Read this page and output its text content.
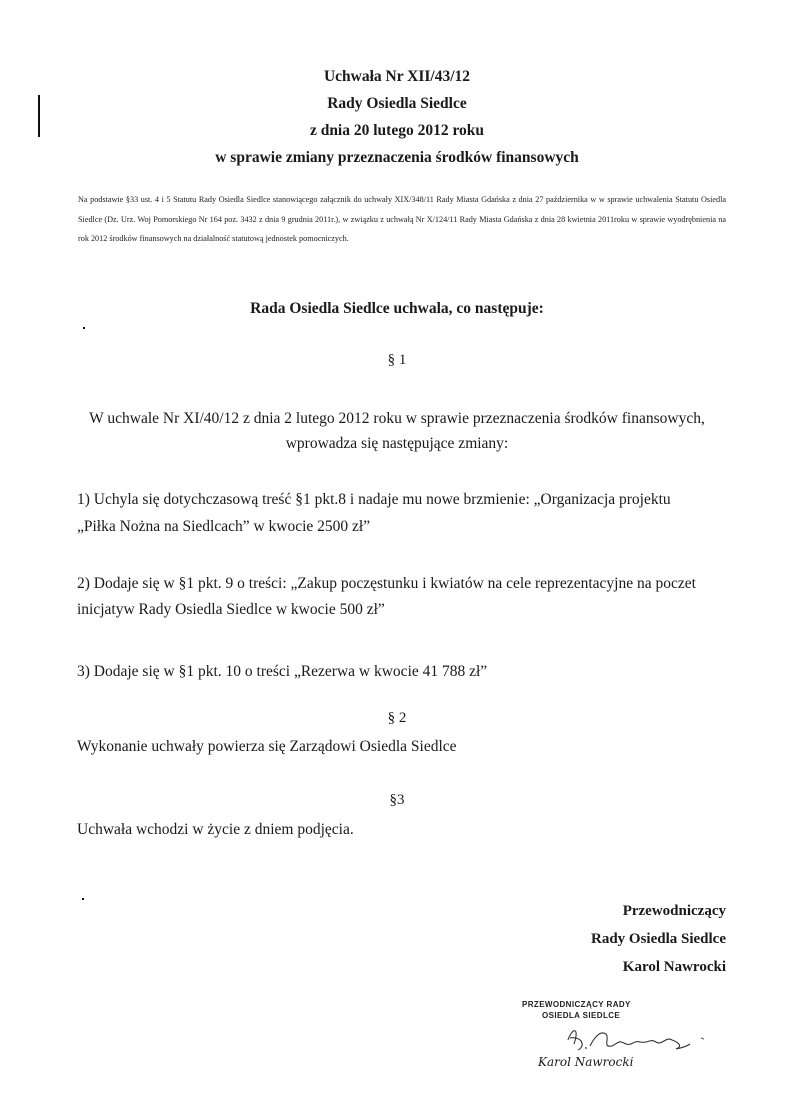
Uchwała Nr XII/43/12
Rady Osiedla Siedlce
z dnia 20 lutego 2012 roku
w sprawie zmiany przeznaczenia środków finansowych
Na podstawie §33 ust. 4 i 5 Statutu Rady Osiedla Siedlce stanowiącego załącznik do uchwały XIX/348/11 Rady Miasta Gdańska z dnia 27 października w w sprawie uchwalenia Statutu Osiedla Siedlce (Dz. Urz. Woj Pomorskiego Nr 164 poz. 3432 z dnia 9 grudnia 2011r.), w związku z uchwałą Nr X/124/11 Rady Miasta Gdańska z dnia 28 kwietnia 2011roku w sprawie wyodrębnienia na rok 2012 środków finansowych na działalność statutową jednostek pomocniczych.
Rada Osiedla Siedlce uchwala, co następuje:
§ 1
W uchwale Nr XI/40/12 z dnia 2 lutego 2012 roku w sprawie przeznaczenia środków finansowych,
wprowadza się następujące zmiany:
1) Uchyla się dotychczasową treść §1 pkt.8 i nadaje mu nowe brzmienie: „Organizacja projektu
„Piłka Nożna na Siedlcach” w kwocie 2500 zł”
2) Dodaje się w §1 pkt. 9 o treści: „Zakup poczęstunku i kwiatów na cele reprezentacyjne na poczet
inicjatyw Rady Osiedla Siedlce w kwocie 500 zł”
3) Dodaje się w §1 pkt. 10 o treści „Rezerwa w kwocie 41 788 zł”
§ 2
Wykonanie uchwały powierza się Zarządowi Osiedla Siedlce
§3
Uchwała wchodzi w życie z dniem podjęcia.
Przewodniczący
Rady Osiedla Siedlce
Karol Nawrocki
PRZEWODNICZĄCY RADY
OSIEDLA SIEDLCE
Karol Nawrocki
